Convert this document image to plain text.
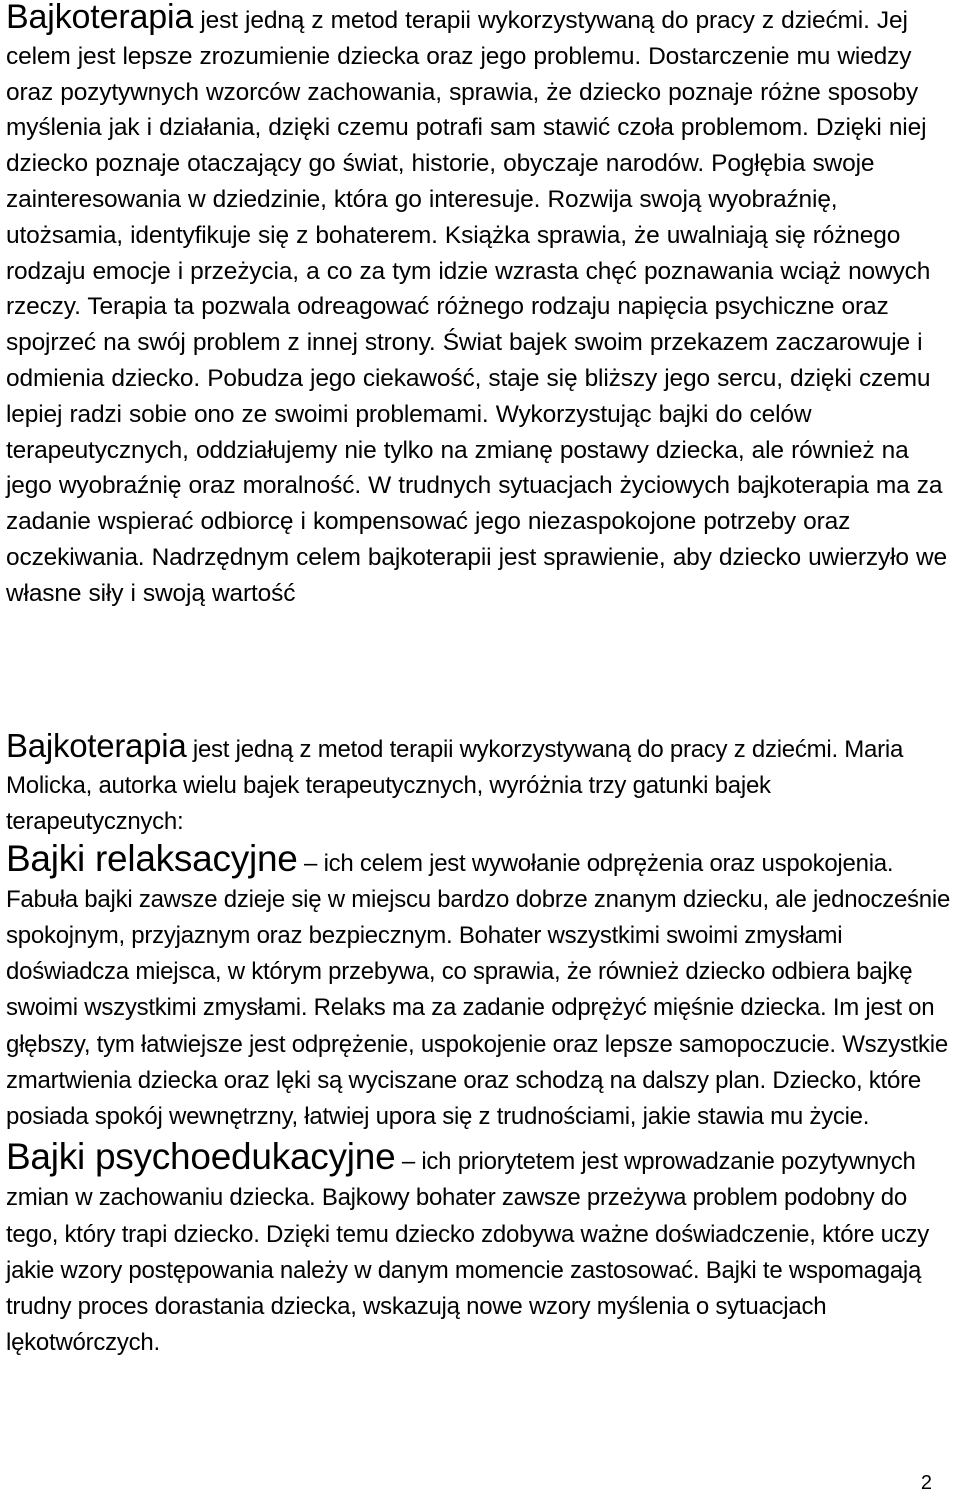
Bajkoterapia jest jedną z metod terapii wykorzystywaną do pracy z dziećmi. Jej celem jest lepsze zrozumienie dziecka oraz jego problemu. Dostarczenie mu wiedzy oraz pozytywnych wzorców zachowania, sprawia, że dziecko poznaje różne sposoby myślenia jak i działania, dzięki czemu potrafi sam stawić czoła problemom. Dzięki niej dziecko poznaje otaczający go świat, historie, obyczaje narodów. Pogłębia swoje zainteresowania w dziedzinie, która go interesuje. Rozwija swoją wyobraźnię, utożsamia, identyfikuje się z bohaterem. Książka sprawia, że uwalniają się różnego rodzaju emocje i przeżycia, a co za tym idzie wzrasta chęć poznawania wciąż nowych rzeczy. Terapia ta pozwala odreagować różnego rodzaju napięcia psychiczne oraz spojrzeć na swój problem z innej strony. Świat bajek swoim przekazem zaczarowuje i odmienia dziecko. Pobudza jego ciekawość, staje się bliższy jego sercu, dzięki czemu lepiej radzi sobie ono ze swoimi problemami. Wykorzystując bajki do celów terapeutycznych, oddziałujemy nie tylko na zmianę postawy dziecka, ale również na jego wyobraźnię oraz moralność. W trudnych sytuacjach życiowych bajkoterapia ma za zadanie wspierać odbiorcę i kompensować jego niezaspokojone potrzeby oraz oczekiwania. Nadrzędnym celem bajkoterapii jest sprawienie, aby dziecko uwierzyło we własne siły i swoją wartość

Bajkoterapia jest jedną z metod terapii wykorzystywaną do pracy z dziećmi. Maria Molicka, autorka wielu bajek terapeutycznych, wyróżnia trzy gatunki bajek terapeutycznych:

Bajki relaksacyjne – ich celem jest wywołanie odprężenia oraz uspokojenia. Fabuła bajki zawsze dzieje się w miejscu bardzo dobrze znanym dziecku, ale jednocześnie spokojnym, przyjaznym oraz bezpiecznym. Bohater wszystkimi swoimi zmysłami doświadcza miejsca, w którym przebywa, co sprawia, że również dziecko odbiera bajkę swoimi wszystkimi zmysłami. Relaks ma za zadanie odprężyć mięśnie dziecka. Im jest on głębszy, tym łatwiejsze jest odprężenie, uspokojenie oraz lepsze samopoczucie. Wszystkie zmartwienia dziecka oraz lęki są wyciszane oraz schodzą na dalszy plan. Dziecko, które posiada spokój wewnętrzny, łatwiej upora się z trudnościami, jakie stawia mu życie.

Bajki psychoedukacyjne – ich priorytetem jest wprowadzanie pozytywnych zmian w zachowaniu dziecka. Bajkowy bohater zawsze przeżywa problem podobny do tego, który trapi dziecko. Dzięki temu dziecko zdobywa ważne doświadczenie, które uczy jakie wzory postępowania należy w danym momencie zastosować. Bajki te wspomagają trudny proces dorastania dziecka, wskazują nowe wzory myślenia o sytuacjach lękotwórczych.

2
